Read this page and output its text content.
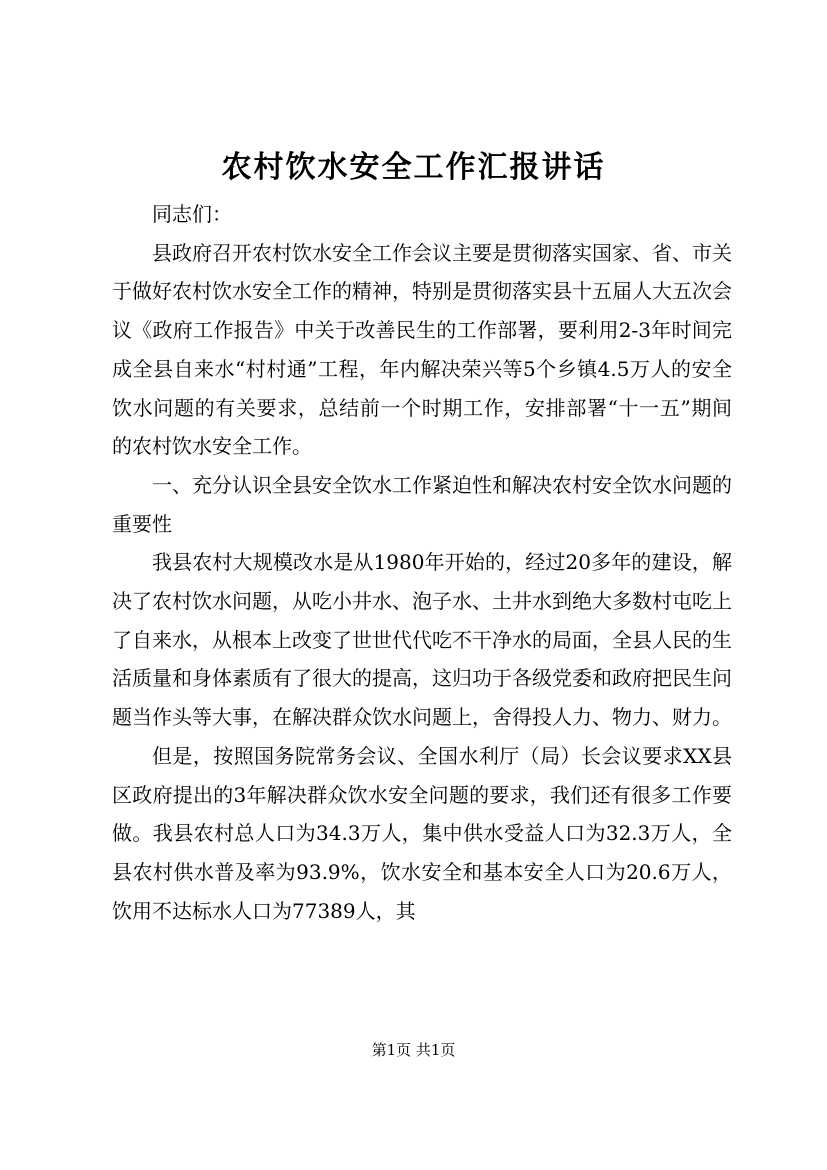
农村饮水安全工作汇报讲话

同志们：

县政府召开农村饮水安全工作会议主要是贯彻落实国家、省、市关于做好农村饮水安全工作的精神，特别是贯彻落实县十五届人大五次会议《政府工作报告》中关于改善民生的工作部署，要利用2-3年时间完成全县自来水“村村通”工程，年内解决荣兴等5个乡镇4.5万人的安全饮水问题的有关要求，总结前一个时期工作，安排部署“十一五”期间的农村饮水安全工作。

一、充分认识全县安全饮水工作紧迫性和解决农村安全饮水问题的重要性

我县农村大规模改水是从1980年开始的，经过20多年的建设，解决了农村饮水问题，从吃小井水、泡子水、土井水到绝大多数村屯吃上了自来水，从根本上改变了世世代代吃不干净水的局面，全县人民的生活质量和身体素质有了很大的提高，这归功于各级党委和政府把民生问题当作头等大事，在解决群众饮水问题上，舍得投人力、物力、财力。

但是，按照国务院常务会议、全国水利厅（局）长会议要求XX县区政府提出的3年解决群众饮水安全问题的要求，我们还有很多工作要做。我县农村总人口为34.3万人，集中供水受益人口为32.3万人，全县农村供水普及率为93.9%，饮水安全和基本安全人口为20.6万人，饮用不达标水人口为77389人，其

第1页 共1页
